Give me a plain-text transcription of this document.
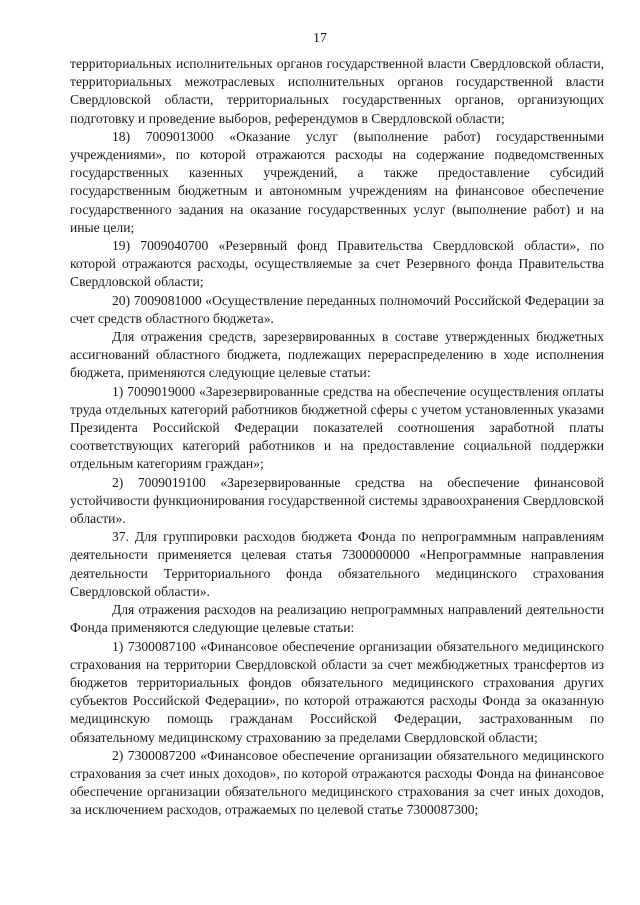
17

территориальных исполнительных органов государственной власти Свердловской области, территориальных межотраслевых исполнительных органов государственной власти Свердловской области, территориальных государственных органов, организующих подготовку и проведение выборов, референдумов в Свердловской области;

18) 7009013000 «Оказание услуг (выполнение работ) государственными учреждениями», по которой отражаются расходы на содержание подведомственных государственных казенных учреждений, а также предоставление субсидий государственным бюджетным и автономным учреждениям на финансовое обеспечение государственного задания на оказание государственных услуг (выполнение работ) и на иные цели;

19) 7009040700 «Резервный фонд Правительства Свердловской области», по которой отражаются расходы, осуществляемые за счет Резервного фонда Правительства Свердловской области;

20) 7009081000 «Осуществление переданных полномочий Российской Федерации за счет средств областного бюджета».

Для отражения средств, зарезервированных в составе утвержденных бюджетных ассигнований областного бюджета, подлежащих перераспределению в ходе исполнения бюджета, применяются следующие целевые статьи:

1) 7009019000 «Зарезервированные средства на обеспечение осуществления оплаты труда отдельных категорий работников бюджетной сферы с учетом установленных указами Президента Российской Федерации показателей соотношения заработной платы соответствующих категорий работников и на предоставление социальной поддержки отдельным категориям граждан»;

2) 7009019100 «Зарезервированные средства на обеспечение финансовой устойчивости функционирования государственной системы здравоохранения Свердловской области».

37. Для группировки расходов бюджета Фонда по непрограммным направлениям деятельности применяется целевая статья 7300000000 «Непрограммные направления деятельности Территориального фонда обязательного медицинского страхования Свердловской области».

Для отражения расходов на реализацию непрограммных направлений деятельности Фонда применяются следующие целевые статьи:

1) 7300087100 «Финансовое обеспечение организации обязательного медицинского страхования на территории Свердловской области за счет межбюджетных трансфертов из бюджетов территориальных фондов обязательного медицинского страхования других субъектов Российской Федерации», по которой отражаются расходы Фонда за оказанную медицинскую помощь гражданам Российской Федерации, застрахованным по обязательному медицинскому страхованию за пределами Свердловской области;

2) 7300087200 «Финансовое обеспечение организации обязательного медицинского страхования за счет иных доходов», по которой отражаются расходы Фонда на финансовое обеспечение организации обязательного медицинского страхования за счет иных доходов, за исключением расходов, отражаемых по целевой статье 7300087300;
